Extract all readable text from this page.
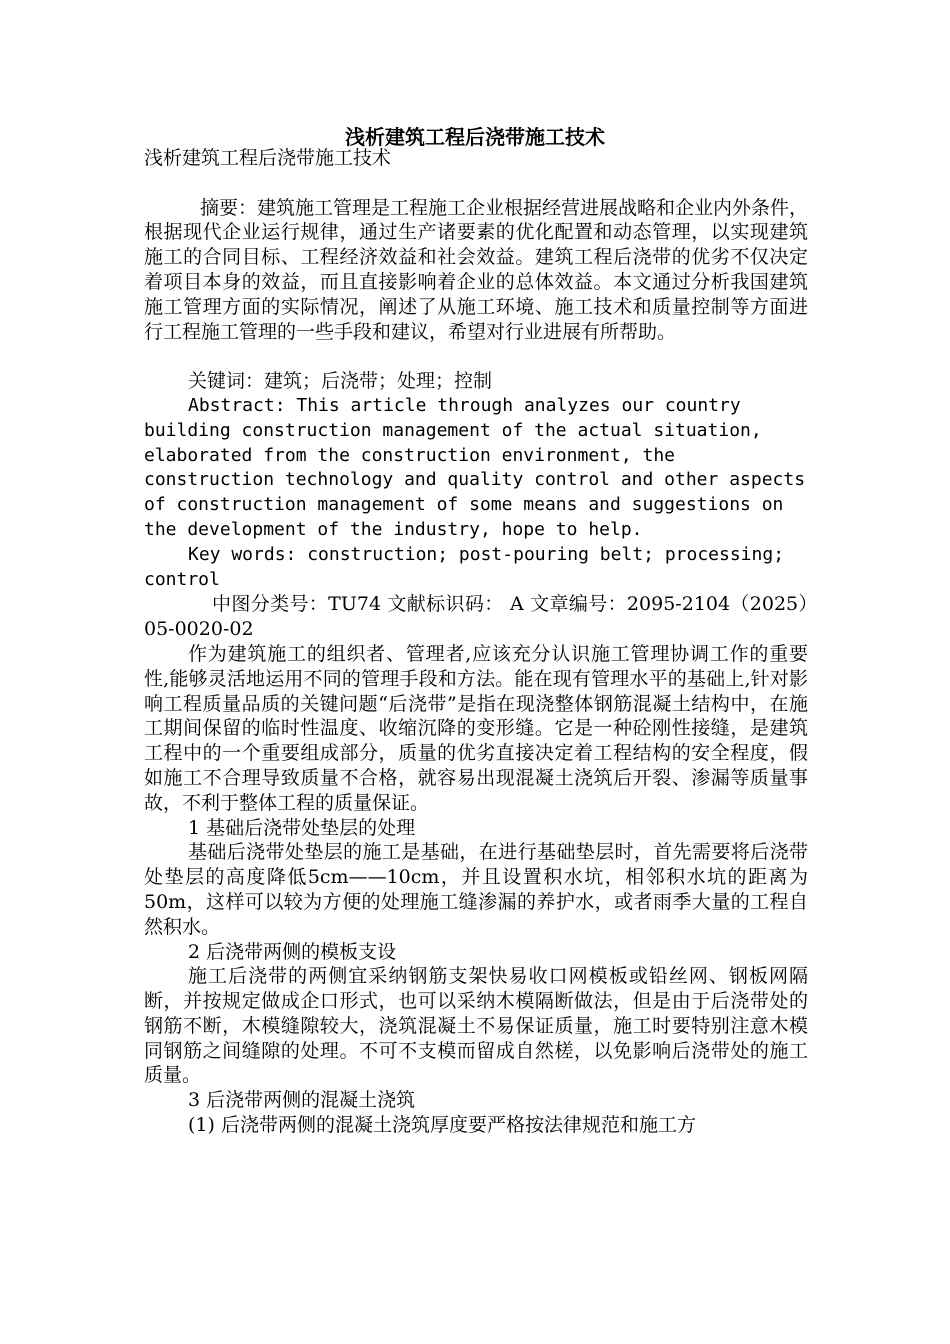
浅析建筑工程后浇带施工技术

浅析建筑工程后浇带施工技术

摘要：建筑施工管理是工程施工企业根据经营进展战略和企业内外条件，根据现代企业运行规律，通过生产诸要素的优化配置和动态管理，以实现建筑施工的合同目标、工程经济效益和社会效益。建筑工程后浇带的优劣不仅决定着项目本身的效益，而且直接影响着企业的总体效益。本文通过分析我国建筑施工管理方面的实际情况，阐述了从施工环境、施工技术和质量控制等方面进行工程施工管理的一些手段和建议，希望对行业进展有所帮助。

关键词：建筑；后浇带；处理；控制

Abstract: This article through analyzes our country building construction management of the actual situation, elaborated from the construction environment, the construction technology and quality control and other aspects of construction management of some means and suggestions on the development of the industry, hope to help.

Key words: construction; post-pouring belt; processing; control

中图分类号：TU74 文献标识码： A 文章编号：2095-2104（2025）05-0020-02

作为建筑施工的组织者、管理者,应该充分认识施工管理协调工作的重要性,能够灵活地运用不同的管理手段和方法。能在现有管理水平的基础上,针对影响工程质量品质的关键问题“后浇带”是指在现浇整体钢筋混凝土结构中，在施工期间保留的临时性温度、收缩沉降的变形缝。它是一种砼刚性接缝，是建筑工程中的一个重要组成部分，质量的优劣直接决定着工程结构的安全程度，假如施工不合理导致质量不合格，就容易出现混凝土浇筑后开裂、渗漏等质量事故，不利于整体工程的质量保证。

1 基础后浇带处垫层的处理

基础后浇带处垫层的施工是基础，在进行基础垫层时，首先需要将后浇带处垫层的高度降低5cm——10cm，并且设置积水坑，相邻积水坑的距离为50m，这样可以较为方便的处理施工缝渗漏的养护水，或者雨季大量的工程自然积水。

2 后浇带两侧的模板支设

施工后浇带的两侧宜采纳钢筋支架快易收口网模板或铅丝网、钢板网隔断，并按规定做成企口形式，也可以采纳木模隔断做法，但是由于后浇带处的钢筋不断，木模缝隙较大，浇筑混凝土不易保证质量，施工时要特别注意木模同钢筋之间缝隙的处理。不可不支模而留成自然槎，以免影响后浇带处的施工质量。

3 后浇带两侧的混凝土浇筑

(1) 后浇带两侧的混凝土浇筑厚度要严格按法律规范和施工方
